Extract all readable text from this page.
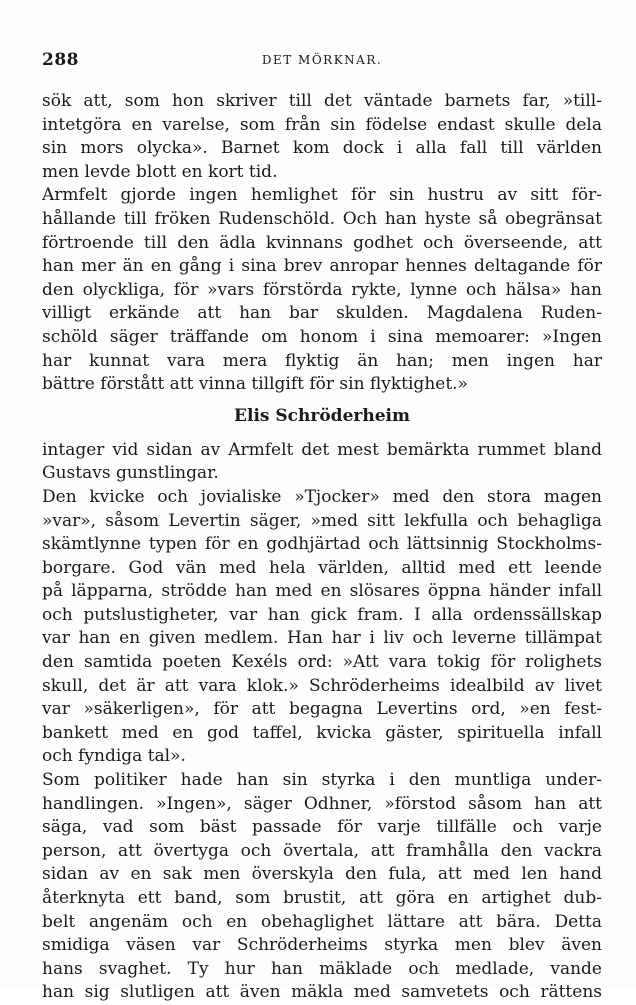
288	DET MÖRKNAR.
sök att, som hon skriver till det väntade barnets far, »till-
intetgöra en varelse, som från sin födelse endast skulle dela
sin mors olycka». Barnet kom dock i alla fall till världen
men levde blott en kort tid.
Armfelt gjorde ingen hemlighet för sin hustru av sitt för-
hållande till fröken Rudenschöld. Och han hyste så obegränsat
förtroende till den ädla kvinnans godhet och överseende, att
han mer än en gång i sina brev anropar hennes deltagande för
den olyckliga, för »vars förstörda rykte, lynne och hälsa» han
villigt erkände att han bar skulden. Magdalena Ruden-
schöld säger träffande om honom i sina memoarer: »Ingen
har kunnat vara mera flyktig än han; men ingen har
bättre förstått att vinna tillgift för sin flyktighet.»
Elis Schröderheim
intager vid sidan av Armfelt det mest bemärkta rummet bland
Gustavs gunstlingar.
Den kvicke och jovialiske »Tjocker» med den stora magen
»var», såsom Levertin säger, »med sitt lekfulla och behagliga
skämtlynne typen för en godhjärtad och lättsinnig Stockholms-
borgare. God vän med hela världen, alltid med ett leende
på läpparna, strödde han med en slösares öppna händer infall
och putslustigheter, var han gick fram. I alla ordenssällskap
var han en given medlem. Han har i liv och leverne tillämpat
den samtida poeten Kexéls ord: »Att vara tokig för rolighets
skull, det är att vara klok.» Schröderheims idealbild av livet
var »säkerligen», för att begagna Levertins ord, »en fest-
bankett med en god taffel, kvicka gäster, spirituella infall
och fyndiga tal».
Som politiker hade han sin styrka i den muntliga under-
handlingen. »Ingen», säger Odhner, »förstod såsom han att
säga, vad som bäst passade för varje tillfälle och varje
person, att övertyga och övertala, att framhålla den vackra
sidan av en sak men överskyla den fula, att med len hand
återknyta ett band, som brustit, att göra en artighet dub-
belt angenäm och en obehaglighet lättare att bära. Detta
smidiga väsen var Schröderheims styrka men blev även
hans svaghet. Ty hur han mäklade och medlade, vande
han sig slutligen att även mäkla med samvetets och rättens
